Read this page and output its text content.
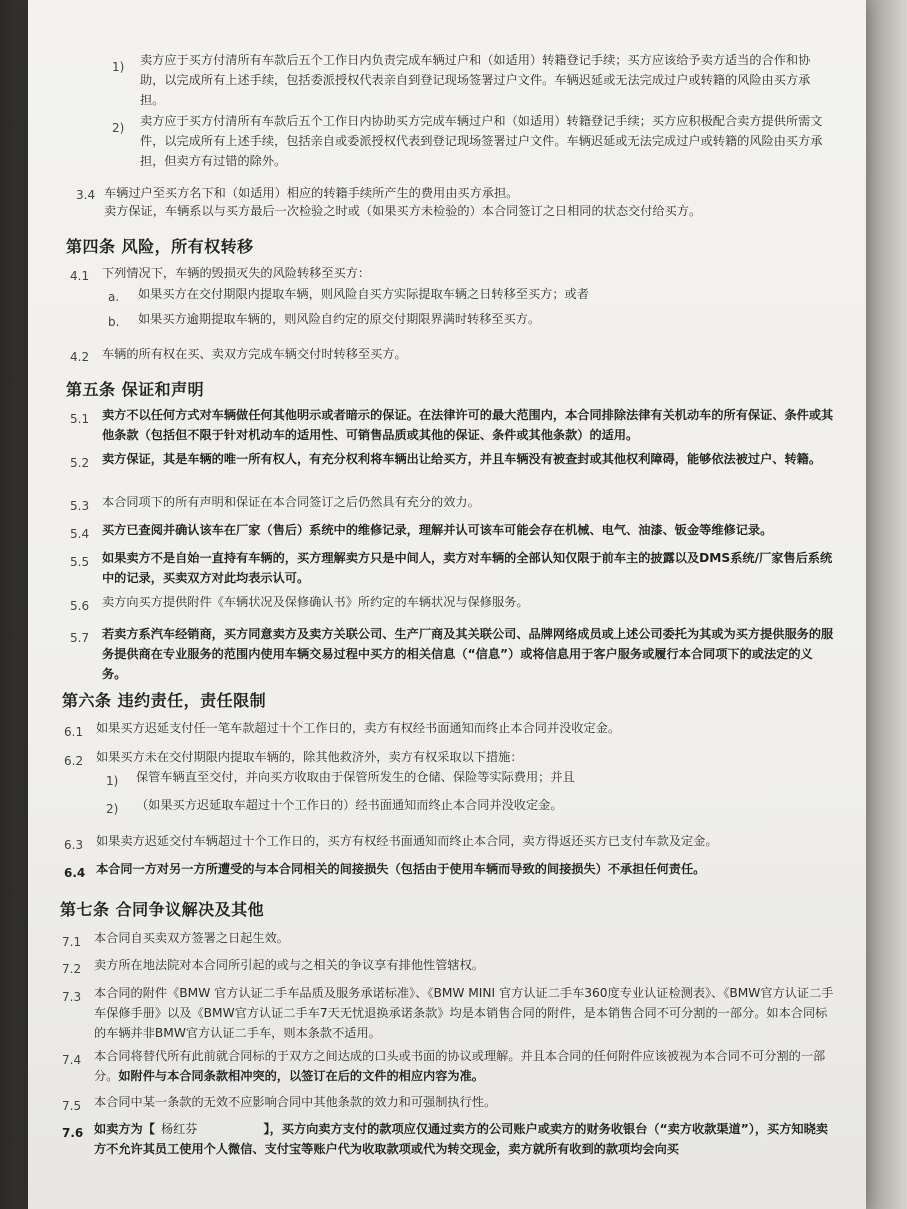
1) 卖方应于买方付清所有车款后五个工作日内负责完成车辆过户和（如适用）转籍登记手续；买方应该给予卖方适当的合作和协助，以完成所有上述手续，包括委派授权代表亲自到登记现场签署过户文件。车辆迟延或无法完成过户或转籍的风险由买方承担。
2) 卖方应于买方付清所有车款后五个工作日内协助买方完成车辆过户和（如适用）转籍登记手续；买方应积极配合卖方提供所需文件，以完成所有上述手续，包括亲自或委派授权代表到登记现场签署过户文件。车辆迟延或无法完成过户或转籍的风险由买方承担，但卖方有过错的除外。
3.4 车辆过户至买方名下和（如适用）相应的转籍手续所产生的费用由买方承担。
卖方保证，车辆系以与买方最后一次检验之时或（如果买方未检验的）本合同签订之日相同的状态交付给买方。
第四条 风险，所有权转移
4.1 下列情况下，车辆的毁损灭失的风险转移至买方：
a. 如果买方在交付期限内提取车辆，则风险自买方实际提取车辆之日转移至买方；或者
b. 如果买方逾期提取车辆的，则风险自约定的原交付期限界满时转移至买方。
4.2 车辆的所有权在买、卖双方完成车辆交付时转移至买方。
第五条 保证和声明
5.1 卖方不以任何方式对车辆做任何其他明示或者暗示的保证。在法律许可的最大范围内，本合同排除法律有关机动车的所有保证、条件或其他条款（包括但不限于针对机动车的适用性、可销售品质或其他的保证、条件或其他条款）的适用。
5.2 卖方保证，其是车辆的唯一所有权人，有充分权利将车辆出让给买方，并且车辆没有被查封或其他权利障碍，能够依法被过户、转籍。
5.3 本合同项下的所有声明和保证在本合同签订之后仍然具有充分的效力。
5.4 买方已查阅并确认该车在厂家（售后）系统中的维修记录，理解并认可该车可能会存在机械、电气、油漆、钣金等维修记录。
5.5 如果卖方不是自始一直持有车辆的，买方理解卖方只是中间人，卖方对车辆的全部认知仅限于前车主的披露以及DMS系统/厂家售后系统中的记录，买卖双方对此均表示认可。
5.6 卖方向买方提供附件《车辆状况及保修确认书》所约定的车辆状况与保修服务。
5.7 若卖方系汽车经销商，买方同意卖方及卖方关联公司、生产厂商及其关联公司、品牌网络成员或上述公司委托为其或为买方提供服务的服务提供商在专业服务的范围内使用车辆交易过程中买方的相关信息（“信息”）或将信息用于客户服务或履行本合同项下的或法定的义务。
第六条 违约责任，责任限制
6.1 如果买方迟延支付任一笔车款超过十个工作日的，卖方有权经书面通知而终止本合同并没收定金。
6.2 如果买方未在交付期限内提取车辆的，除其他救济外，卖方有权采取以下措施：
1) 保管车辆直至交付，并向买方收取由于保管所发生的仓储、保险等实际费用；并且
2) （如果买方迟延取车超过十个工作日的）经书面通知而终止本合同并没收定金。
6.3 如果卖方迟延交付车辆超过十个工作日的，买方有权经书面通知而终止本合同，卖方得返还买方已支付车款及定金。
6.4 本合同一方对另一方所遭受的与本合同相关的间接损失（包括由于使用车辆而导致的间接损失）不承担任何责任。
第七条 合同争议解决及其他
7.1 本合同自买卖双方签署之日起生效。
7.2 卖方所在地法院对本合同所引起的或与之相关的争议享有排他性管辖权。
7.3 本合同的附件《BMW 官方认证二手车品质及服务承诺标准》、《BMW MINI 官方认证二手车360度专业认证检测表》、《BMW官方认证二手车保修手册》以及《BMW官方认证二手车7天无忧退换承诺条款》均是本销售合同的附件，是本销售合同不可分割的一部分。如本合同标的车辆并非BMW官方认证二手车，则本条款不适用。
7.4 本合同将替代所有此前就合同标的于双方之间达成的口头或书面的协议或理解。并且本合同的任何附件应该被视为本合同不可分割的一部分。如附件与本合同条款相冲突的，以签订在后的文件的相应内容为准。
7.5 本合同中某一条款的无效不应影响合同中其他条款的效力和可强制执行性。
7.6 如卖方为【 杨红芬	】，买方向卖方支付的款项应仅通过卖方的公司账户或卖方的财务收银台（“卖方收款渠道”），买方知晓卖方不允许其员工使用个人微信、支付宝等账户代为收取款项或代为转交现金，卖方就所有收到的款项均会向买
